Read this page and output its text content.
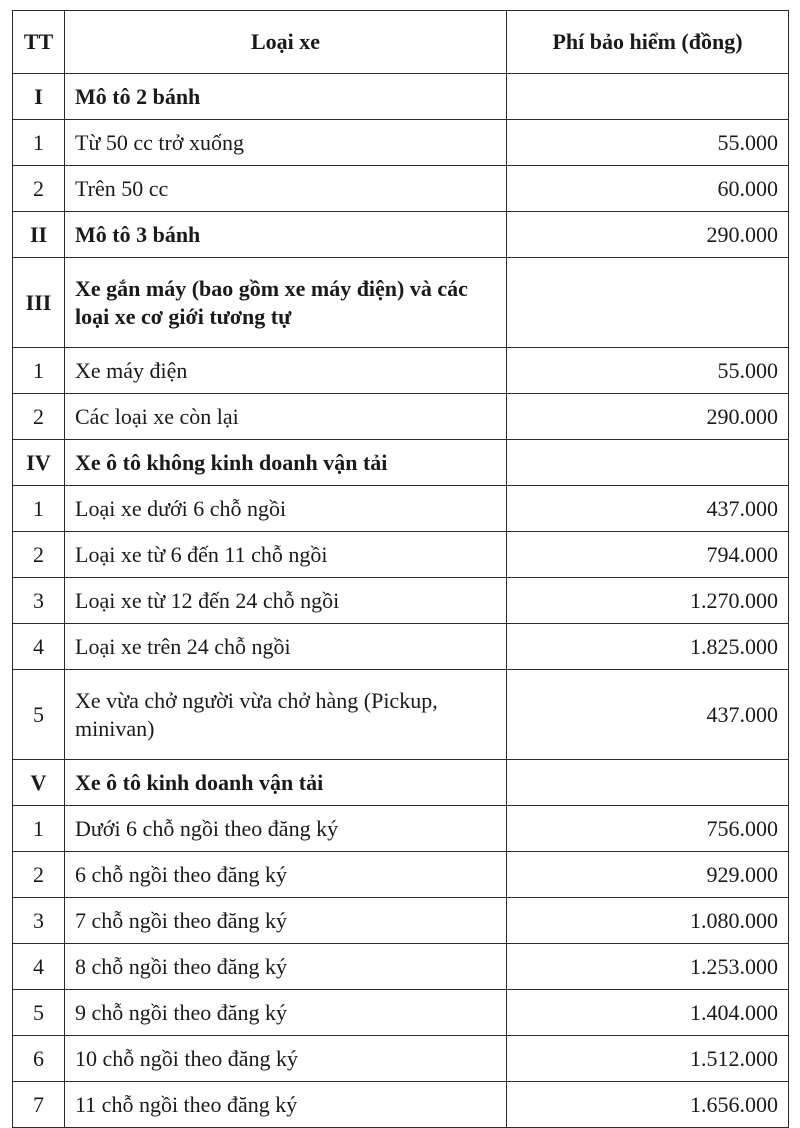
TT	Loại xe	Phí bảo hiểm (đồng)
I	Mô tô 2 bánh	
1	Từ 50 cc trở xuống	55.000
2	Trên 50 cc	60.000
II	Mô tô 3 bánh	290.000
III	Xe gắn máy (bao gồm xe máy điện) và các loại xe cơ giới tương tự	
1	Xe máy điện	55.000
2	Các loại xe còn lại	290.000
IV	Xe ô tô không kinh doanh vận tải	
1	Loại xe dưới 6 chỗ ngồi	437.000
2	Loại xe từ 6 đến 11 chỗ ngồi	794.000
3	Loại xe từ 12 đến 24 chỗ ngồi	1.270.000
4	Loại xe trên 24 chỗ ngồi	1.825.000
5	Xe vừa chở người vừa chở hàng (Pickup, minivan)	437.000
V	Xe ô tô kinh doanh vận tải	
1	Dưới 6 chỗ ngồi theo đăng ký	756.000
2	6 chỗ ngồi theo đăng ký	929.000
3	7 chỗ ngồi theo đăng ký	1.080.000
4	8 chỗ ngồi theo đăng ký	1.253.000
5	9 chỗ ngồi theo đăng ký	1.404.000
6	10 chỗ ngồi theo đăng ký	1.512.000
7	11 chỗ ngồi theo đăng ký	1.656.000
